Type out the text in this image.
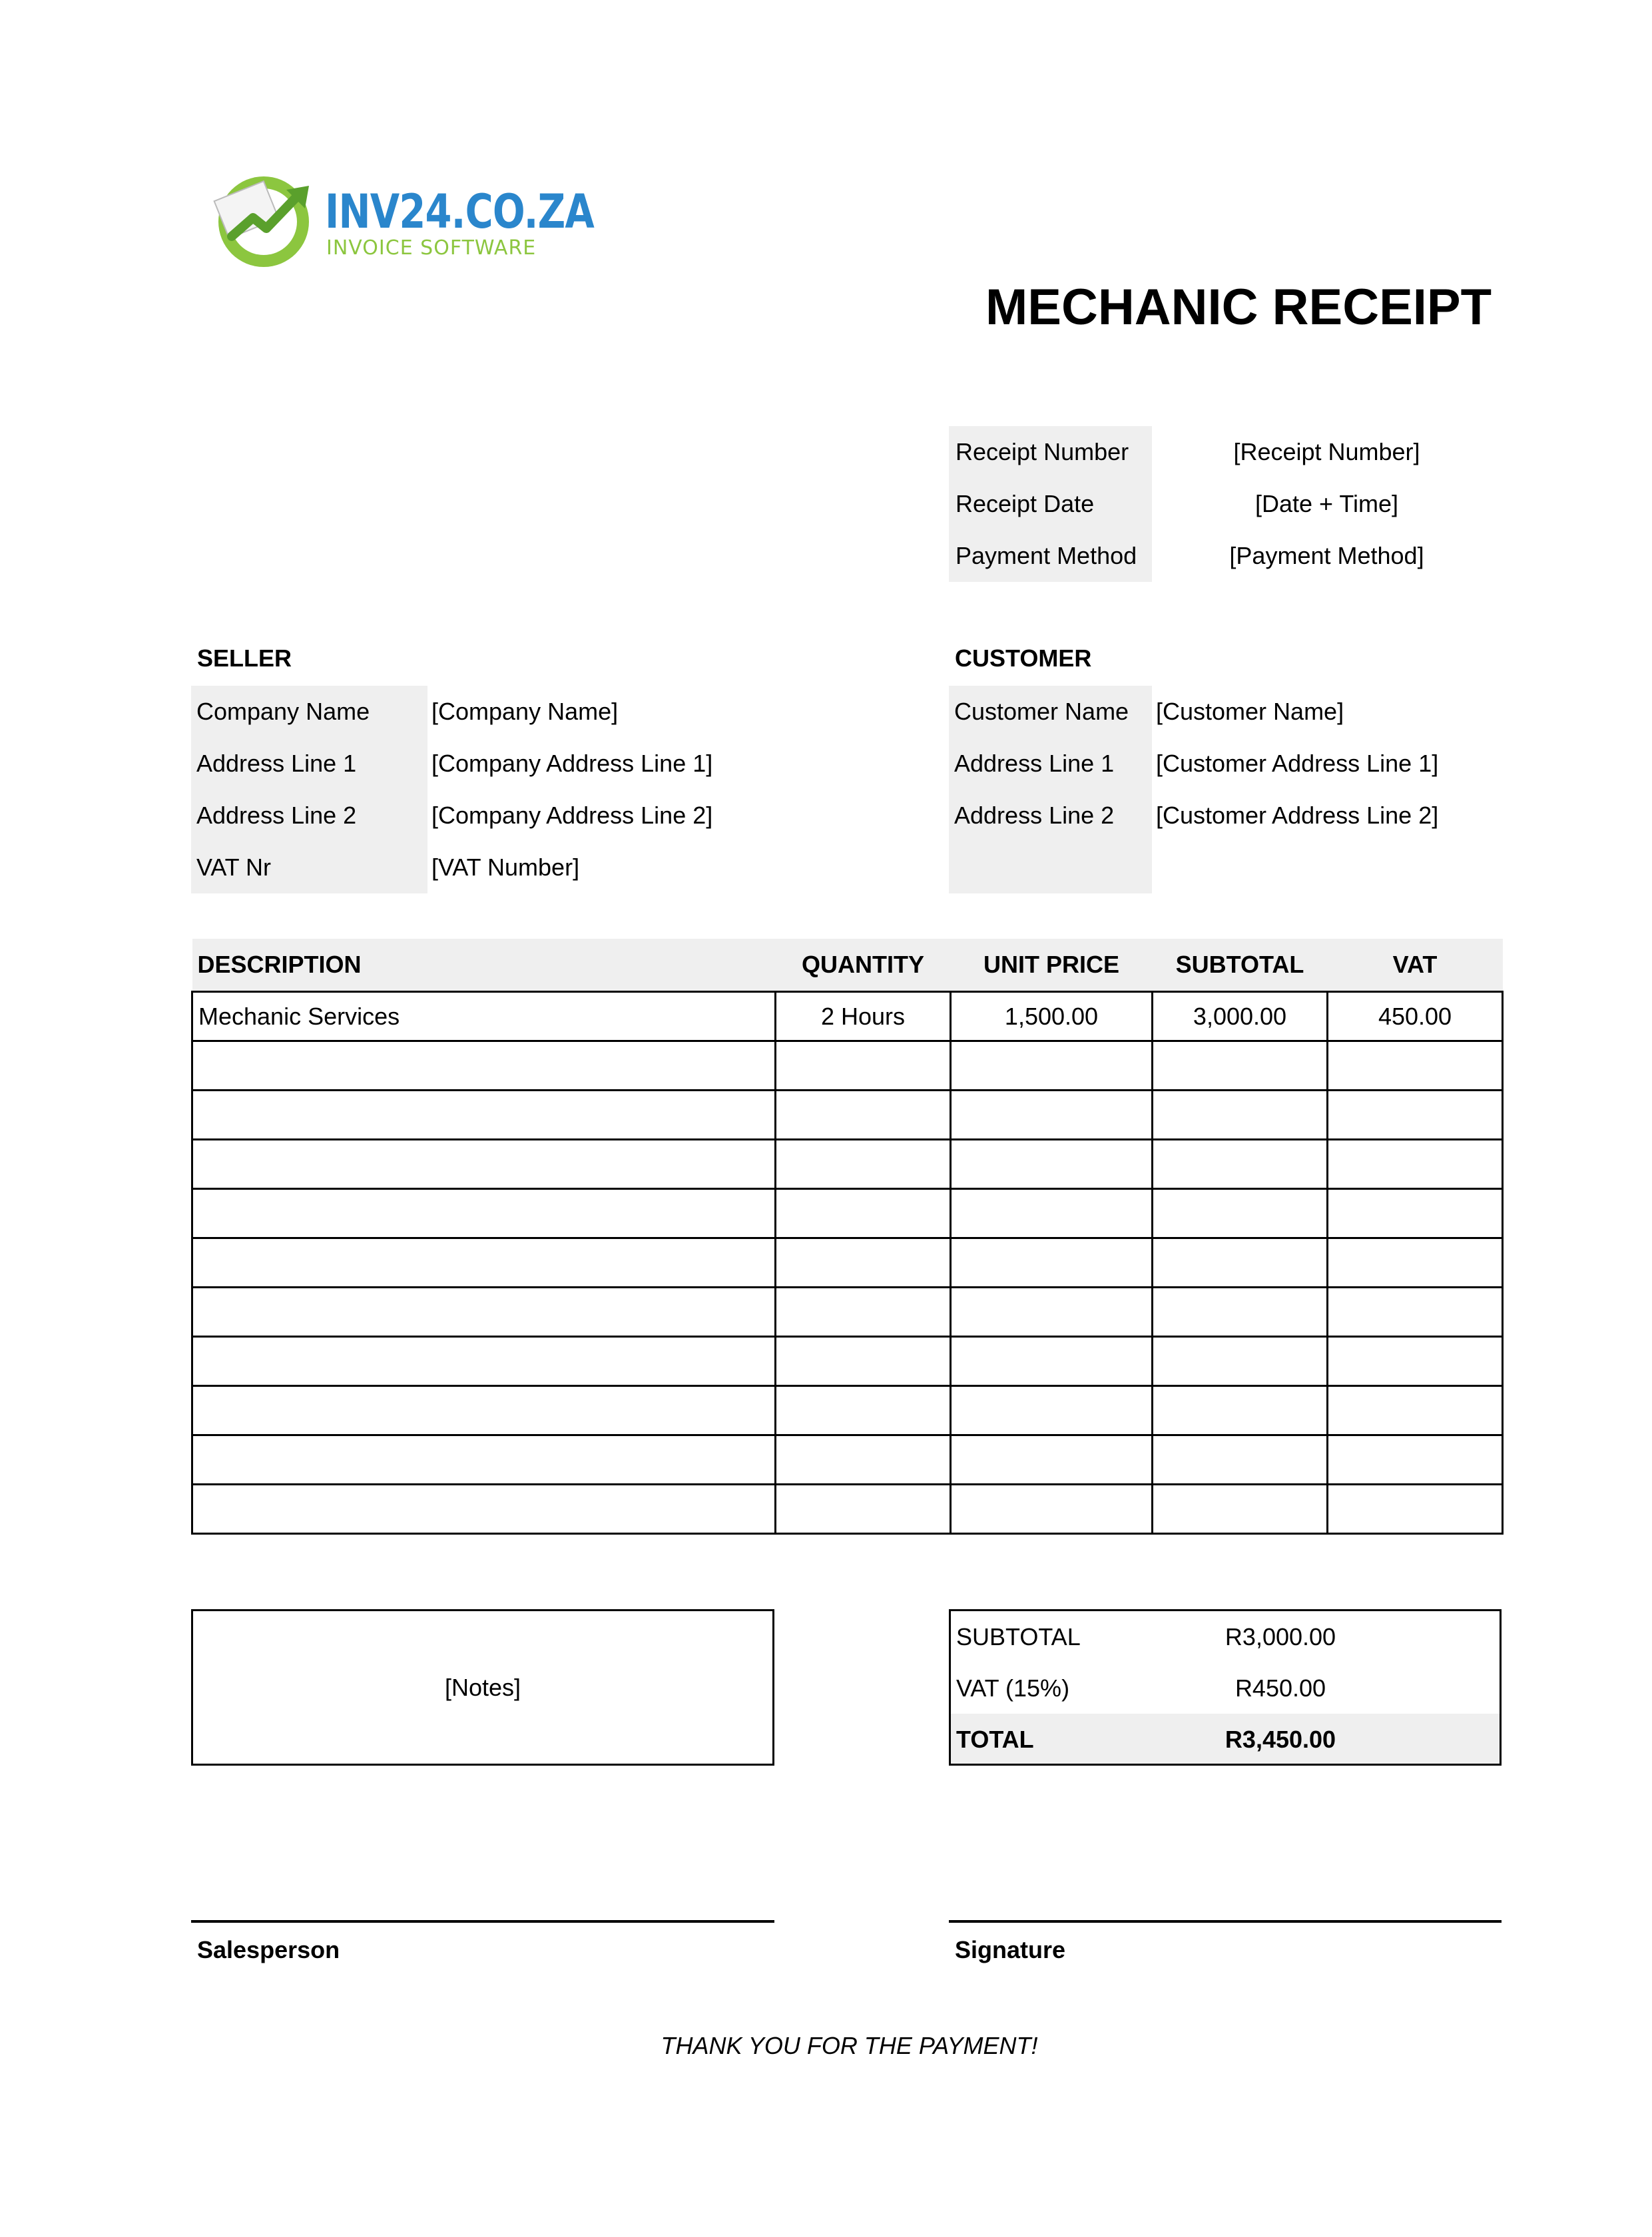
INV24.CO.ZA
INVOICE SOFTWARE
MECHANIC RECEIPT
Receipt Number	[Receipt Number]
Receipt Date	[Date + Time]
Payment Method	[Payment Method]
SELLER
Company Name	[Company Name]
Address Line 1	[Company Address Line 1]
Address Line 2	[Company Address Line 2]
VAT Nr	[VAT Number]
CUSTOMER
Customer Name	[Customer Name]
Address Line 1	[Customer Address Line 1]
Address Line 2	[Customer Address Line 2]
DESCRIPTION	QUANTITY	UNIT PRICE	SUBTOTAL	VAT
Mechanic Services	2 Hours	1,500.00	3,000.00	450.00

[Notes]
SUBTOTAL	R3,000.00
VAT (15%)	R450.00
TOTAL	R3,450.00
Salesperson	Signature
THANK YOU FOR THE PAYMENT!
